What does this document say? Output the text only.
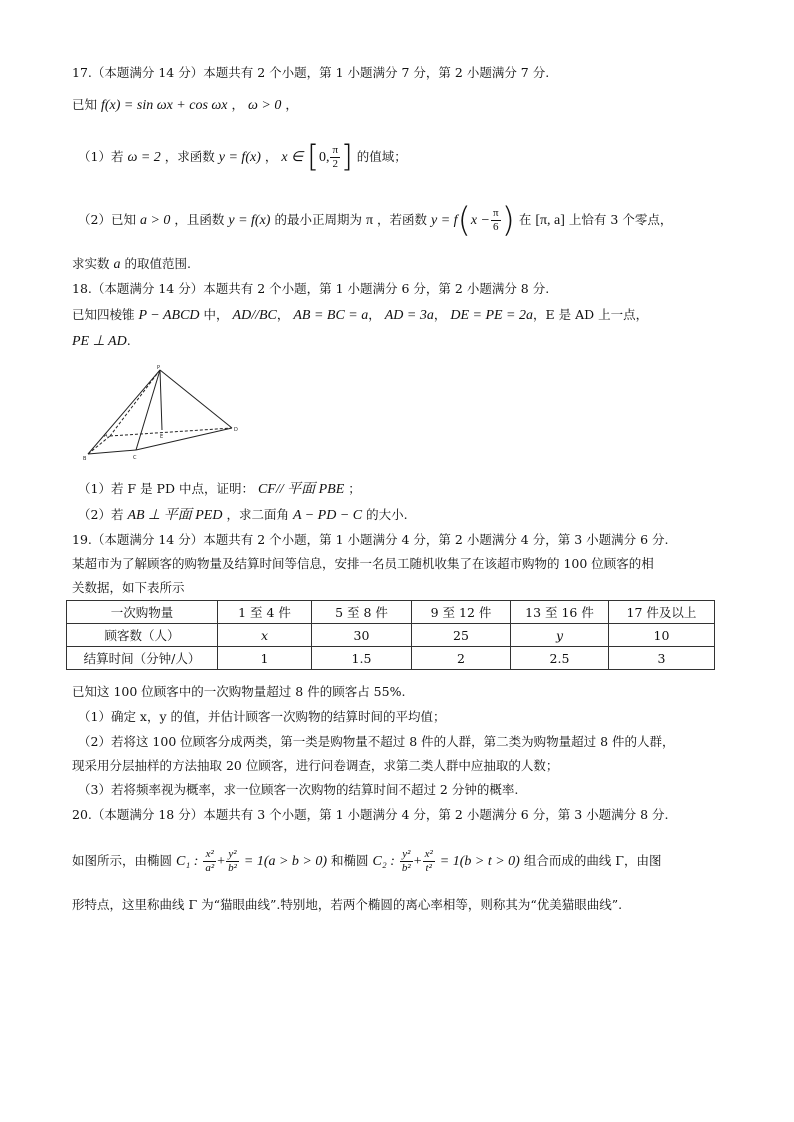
17.（本题满分 14 分）本题共有 2 个小题，第 1 小题满分 7 分，第 2 小题满分 7 分.
已知 f(x) = sin ωx + cos ωx ， ω > 0 ，
（1）若 ω = 2 ，求函数 y = f(x) ， x ∈ [0, $\frac{\pi}{2}$ ] 的值域；
（2）已知 a > 0 ，且函数 y = f(x) 的最小正周期为 π ，若函数 $y = f(x - \frac{\pi}{6}$ ) 在 [π, a] 上恰有 3 个零点，
求实数 a 的取值范围.
18.（本题满分 14 分）本题共有 2 个小题，第 1 小题满分 6 分，第 2 小题满分 8 分.
已知四棱锥 P − ABCD 中， AD//BC， AB = BC = a， AD = 3a， DE = PE = 2a，E 是 AD 上一点，
PE ⊥ AD.
P
A
B	C
D
E
（1）若 F 是 PD 中点，证明： CF// 平面 PBE ；
（2）若 AB ⊥ 平面 PED ，求二面角 A − PD − C 的大小.
19.（本题满分 14 分）本题共有 2 个小题，第 1 小题满分 4 分，第 2 小题满分 4 分，第 3 小题满分 6 分.
某超市为了解顾客的购物量及结算时间等信息，安排一名员工随机收集了在该超市购物的 100 位顾客的相
关数据，如下表所示
一次购物量	1 至 4 件	5 至 8 件	9 至 12 件	13 至 16 件	17 件及以上
顾客数（人）	x	30	25	y	10
结算时间（分钟/人）	1	1.5	2	2.5	3
已知这 100 位顾客中的一次购物量超过 8 件的顾客占 55%.
（1）确定 x，y 的值，并估计顾客一次购物的结算时间的平均值；
（2）若将这 100 位顾客分成两类，第一类是购物量不超过 8 件的人群，第二类为购物量超过 8 件的人群，
现采用分层抽样的方法抽取 20 位顾客，进行问卷调查，求第二类人群中应抽取的人数；
（3）若将频率视为概率，求一位顾客一次购物的结算时间不超过 2 分钟的概率.
20.（本题满分 18 分）本题共有 3 个小题，第 1 小题满分 4 分，第 2 小题满分 6 分，第 3 小题满分 8 分.
如图所示，由椭圆 C₁ : $\frac{\text{x²}}{\text{a²}} + \frac{\text{y²}}{\text{b²}} = 1(a > b > 0)$ 和椭圆 C₂ : $\frac{\text{y²}}{\text{b²}} + \frac{\text{x²}}{\text{t²}} = 1(b > t > 0)$ 组合而成的曲线 Γ，由图
形特点，这里称曲线 Γ 为“猫眼曲线”.特别地，若两个椭圆的离心率相等，则称其为“优美猫眼曲线”.
